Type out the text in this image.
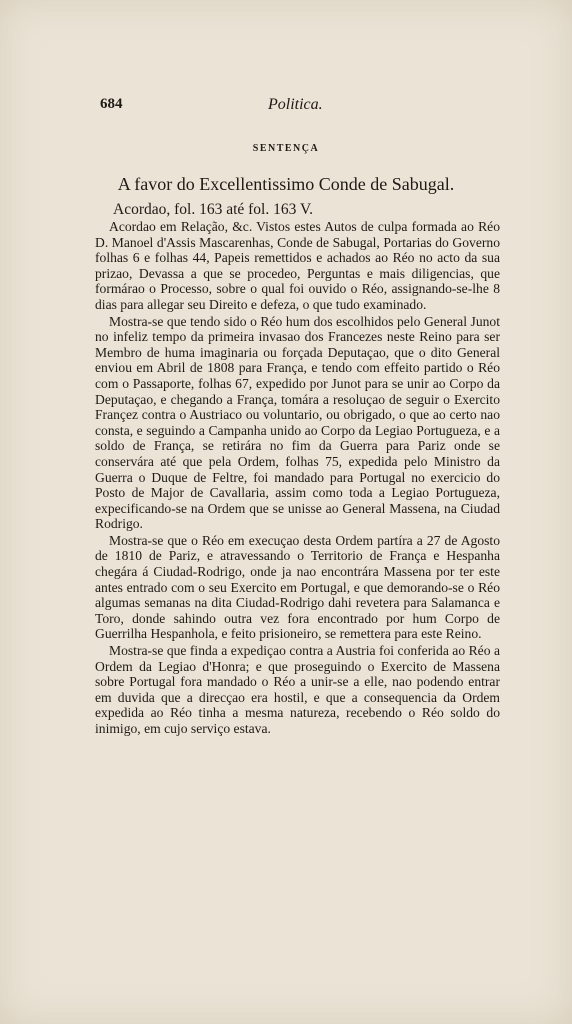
684	Politica.
SENTENÇA
A favor do Excellentissimo Conde de Sabugal.
Acordao, fol. 163 até fol. 163 V.

Acordao em Relação, &c. Vistos estes Autos de culpa formada ao Réo D. Manoel d'Assis Mascarenhas, Conde de Sabugal, Portarias do Governo folhas 6 e folhas 44, Papeis remettidos e achados ao Réo no acto da sua prizao, Devassa a que se procedeo, Perguntas e mais diligencias, que formárao o Processo, sobre o qual foi ouvido o Réo, assignando-se-lhe 8 dias para allegar seu Direito e defeza, o que tudo examinado.

Mostra-se que tendo sido o Réo hum dos escolhidos pelo General Junot no infeliz tempo da primeira invasao dos Francezes neste Reino para ser Membro de huma imaginaria ou forçada Deputaçao, que o dito General enviou em Abril de 1808 para França, e tendo com effeito partido o Réo com o Passaporte, folhas 67, expedido por Junot para se unir ao Corpo da Deputaçao, e chegando a França, tomára a resoluçao de seguir o Exercito Françez contra o Austriaco ou voluntario, ou obrigado, o que ao certo nao consta, e seguindo a Campanha unido ao Corpo da Legiao Portugueza, e a soldo de França, se retirára no fim da Guerra para Pariz onde se conservára até que pela Ordem, folhas 75, expedida pelo Ministro da Guerra o Duque de Feltre, foi mandado para Portugal no exercicio do Posto de Major de Cavallaria, assim como toda a Legiao Portugueza, expecificando-se na Ordem que se unisse ao General Massena, na Ciudad Rodrigo.

Mostra-se que o Réo em execuçao desta Ordem partíra a 27 de Agosto de 1810 de Pariz, e atravessando o Territorio de França e Hespanha chegára á Ciudad-Rodrigo, onde ja nao encontrára Massena por ter este antes entrado com o seu Exercito em Portugal, e que demorando-se o Réo algumas semanas na dita Ciudad-Rodrigo dahi revetera para Salamanca e Toro, donde sahindo outra vez fora encontrado por hum Corpo de Guerrilha Hespanhola, e feito prisioneiro, se remettera para este Reino.

Mostra-se que finda a expediçao contra a Austria foi conferida ao Réo a Ordem da Legiao d'Honra; e que proseguindo o Exercito de Massena sobre Portugal fora mandado o Réo a unir-se a elle, nao podendo entrar em duvida que a direcçao era hostil, e que a consequencia da Ordem expedida ao Réo tinha a mesma natureza, recebendo o Réo soldo do inimigo, em cujo serviço estava.
